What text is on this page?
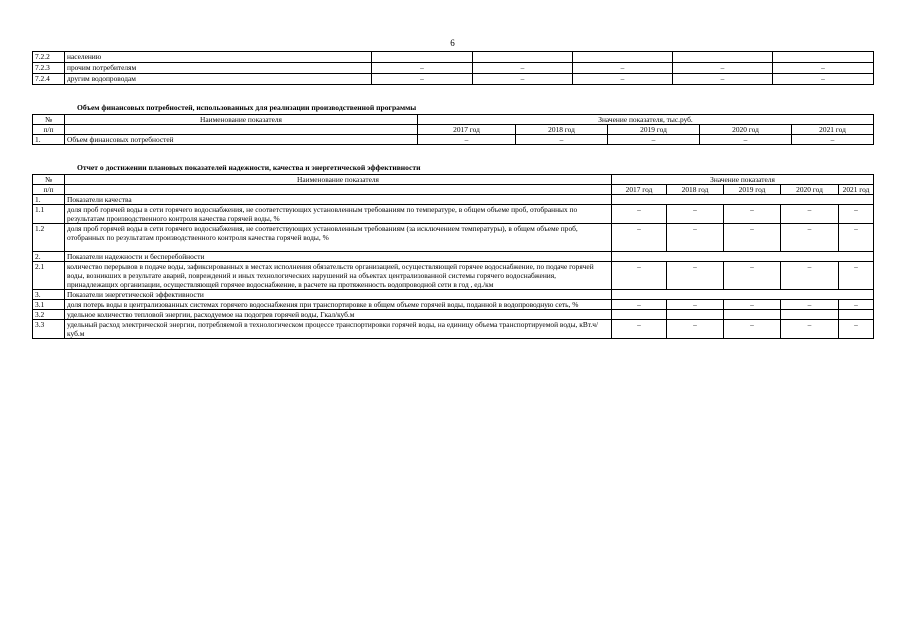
6
7.2.2	населению					
7.2.3	прочим потребителям	–	–	–	–	–
7.2.4	другим водопроводам	–	–	–	–	–
Объем финансовых потребностей, использованных для реализации производственной программы
№	Наименование показателя	Значение показателя, тыс.руб.				
п/п		2017 год	2018 год	2019 год	2020 год	2021 год
1.	Объем финансовых потребностей	–	–	–	–	–
Отчет о достижении плановых показателей надежности, качества и энергетической эффективности
№	Наименование показателя	Значение показателя				
п/п		2017 год	2018 год	2019 год	2020 год	2021 год
1.	Показатели качества					
1.1	доля проб горячей воды в сети горячего водоснабжения, не соответствующих установленным требованиям по температуре, в общем объеме проб, отобранных по результатам производственного контроля качества горячей воды, %	–	–	–	–	–
1.2	доля проб горячей воды в сети горячего водоснабжения, не соответствующих установленным требованиям (за исключением температуры), в общем объеме проб, отобранных по результатам производственного контроля качества горячей воды, %	–	–	–	–	–
2.	Показатели надежности и бесперебойности					
2.1	количество перерывов в подаче воды, зафиксированных в местах исполнения обязательств организацией, осуществляющей горячее водоснабжение, по подаче горячей воды, возникших в результате аварий, повреждений и иных технологических нарушений на объектах централизованной системы горячего водоснабжения, принадлежащих организации, осуществляющей горячее водоснабжение, в расчете на протяженность водопроводной сети в год , ед./км	–	–	–	–	–
3.	Показатели энергетической эффективности					
3.1	доля потерь воды в централизованных системах горячего водоснабжения при транспортировке в общем объеме горячей воды, поданной в водопроводную сеть, %	–	–	–	–	–
3.2	удельное количество тепловой энергии, расходуемое на подогрев горячей воды, Гкал/куб.м					
3.3	удельный расход электрической энергии, потребляемой в технологическом процессе транспортировки горячей воды, на единицу объема транспортируемой воды, кВт.ч/куб.м	–	–	–	–	–
